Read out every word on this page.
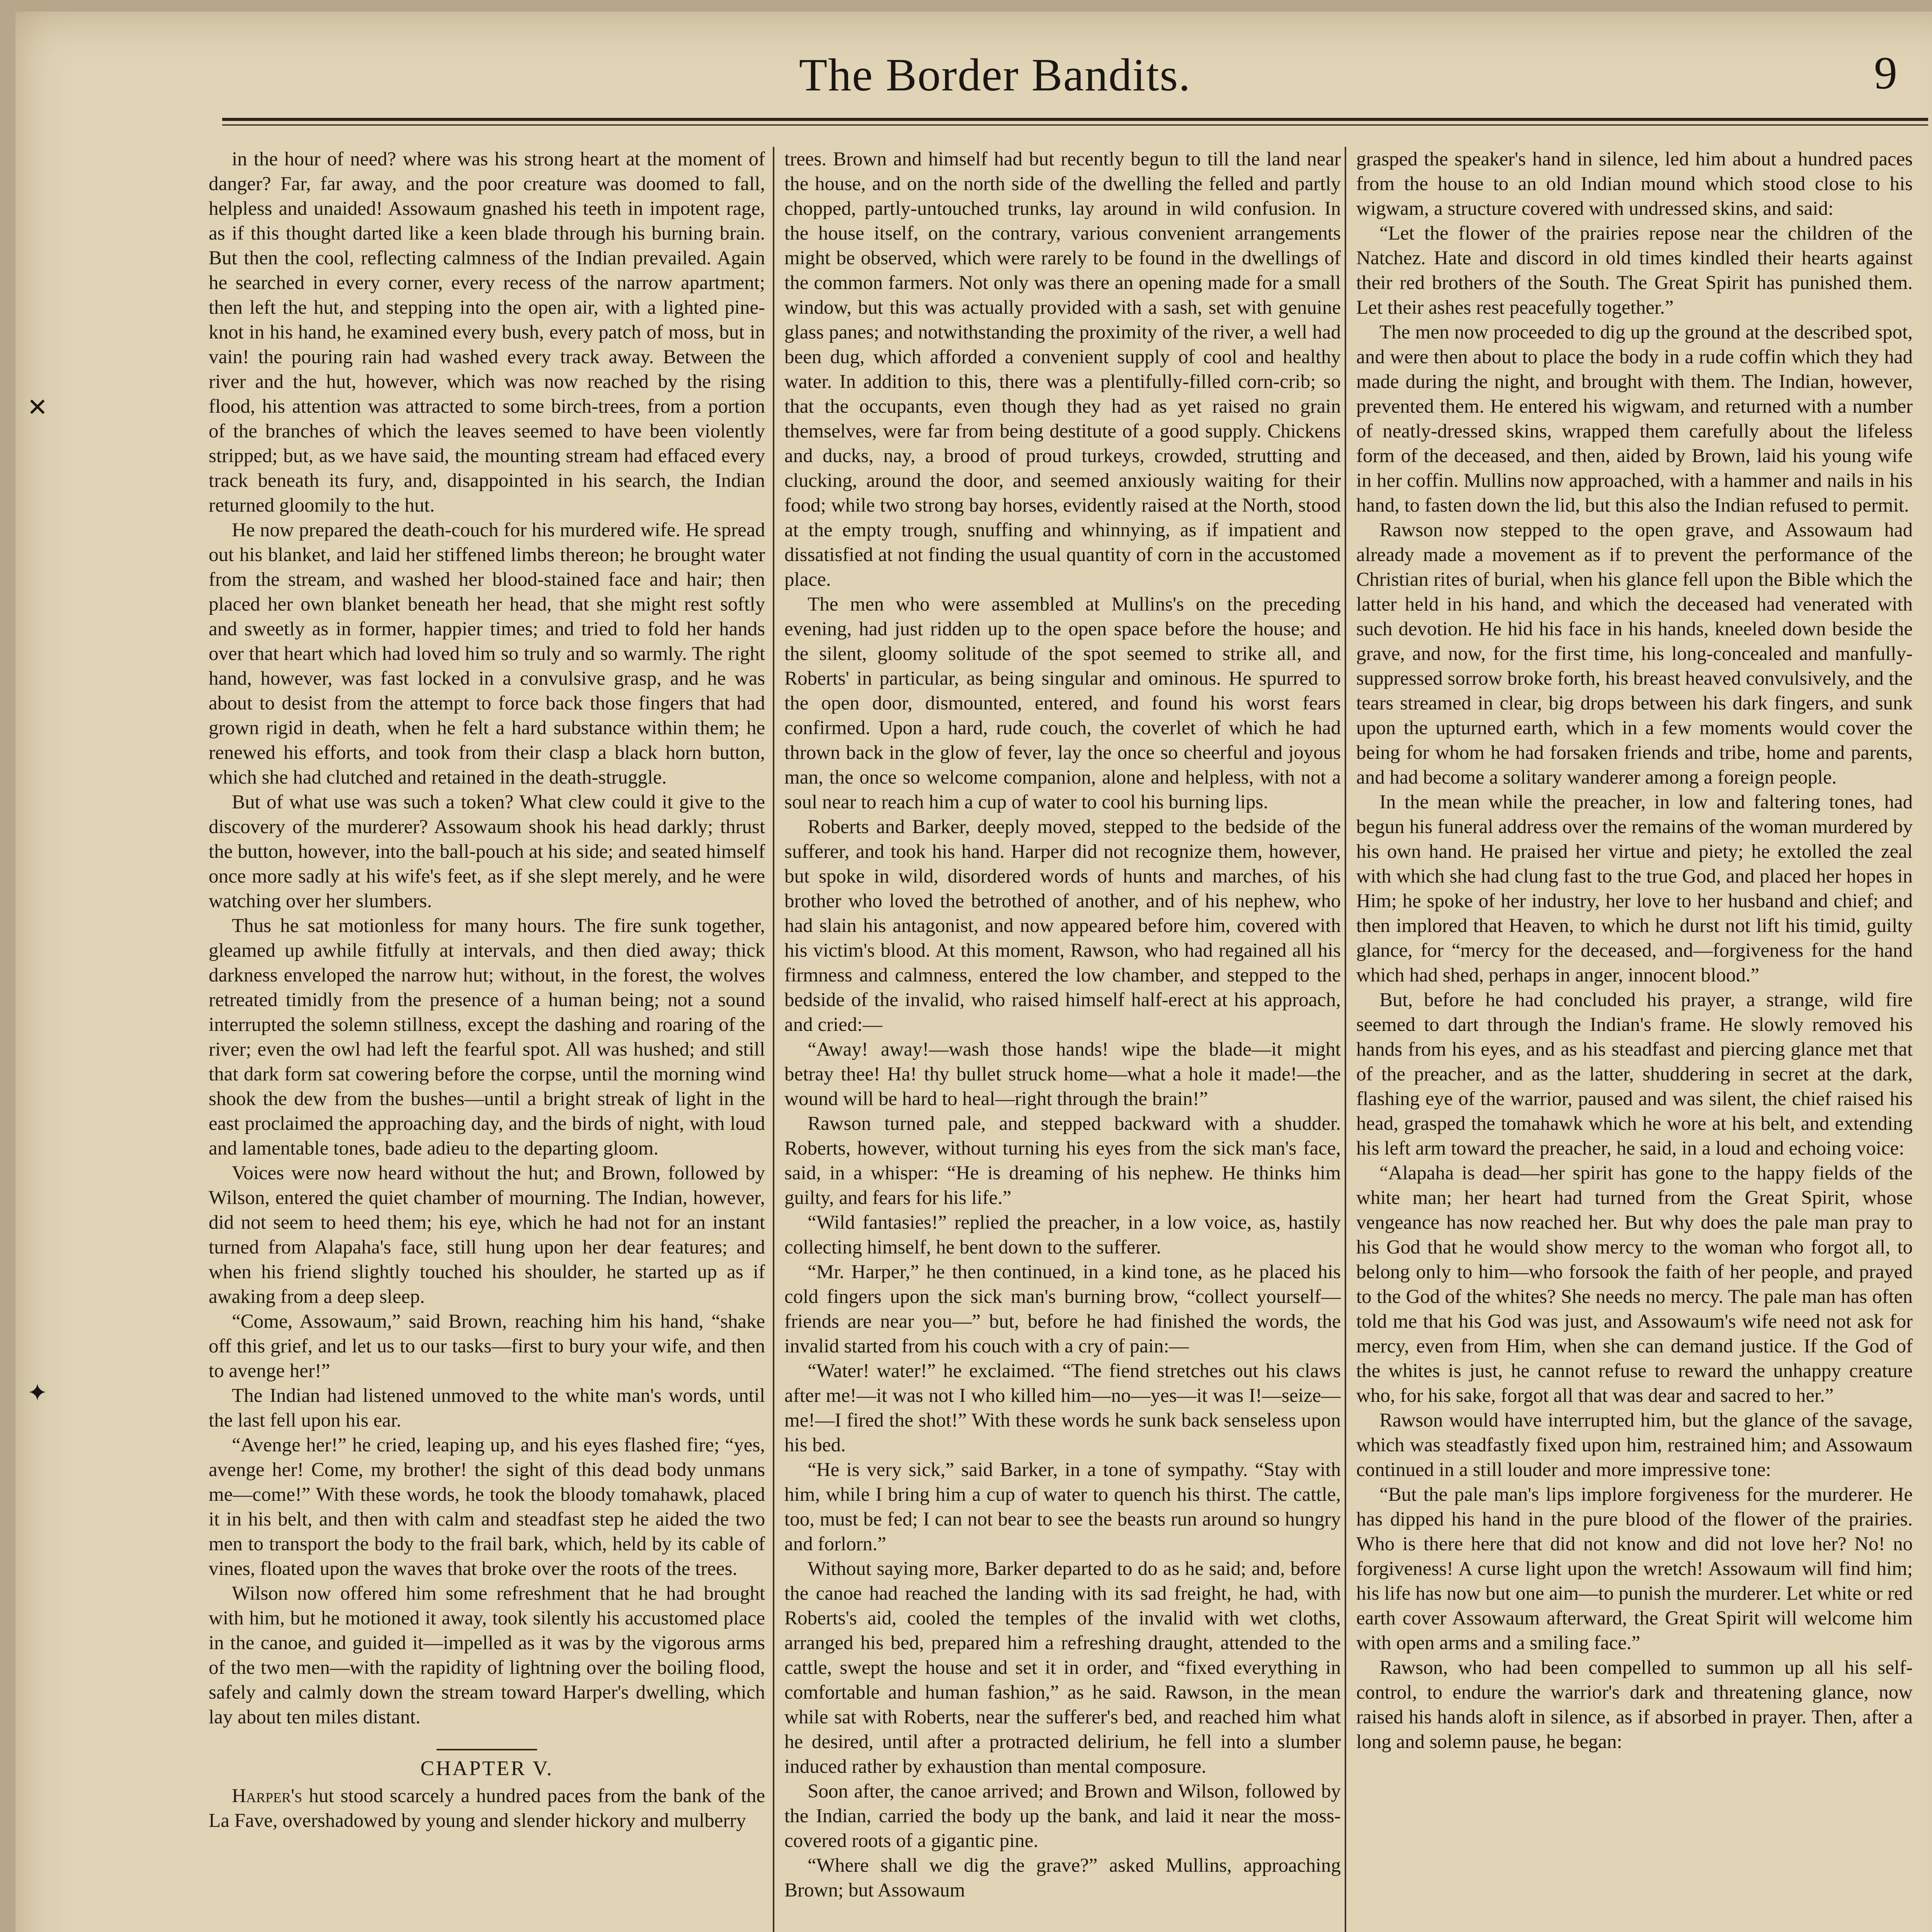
The Border Bandits.	9

in the hour of need? where was his strong heart at the moment of danger? Far, far away, and the poor creature was doomed to fall, helpless and unaided! Assowaum gnashed his teeth in impotent rage, as if this thought darted like a keen blade through his burning brain. But then the cool, reflecting calmness of the Indian prevailed. Again he searched in every corner, every recess of the narrow apartment; then left the hut, and stepping into the open air, with a lighted pine-knot in his hand, he examined every bush, every patch of moss, but in vain! the pouring rain had washed every track away. Between the river and the hut, however, which was now reached by the rising flood, his attention was attracted to some birch-trees, from a portion of the branches of which the leaves seemed to have been violently stripped; but, as we have said, the mounting stream had effaced every track beneath its fury, and, disappointed in his search, the Indian returned gloomily to the hut.

He now prepared the death-couch for his murdered wife. He spread out his blanket, and laid her stiffened limbs thereon; he brought water from the stream, and washed her blood-stained face and hair; then placed her own blanket beneath her head, that she might rest softly and sweetly as in former, happier times; and tried to fold her hands over that heart which had loved him so truly and so warmly. The right hand, however, was fast locked in a convulsive grasp, and he was about to desist from the attempt to force back those fingers that had grown rigid in death, when he felt a hard substance within them; he renewed his efforts, and took from their clasp a black horn button, which she had clutched and retained in the death-struggle.

But of what use was such a token? What clew could it give to the discovery of the murderer? Assowaum shook his head darkly; thrust the button, however, into the ball-pouch at his side; and seated himself once more sadly at his wife's feet, as if she slept merely, and he were watching over her slumbers.

Thus he sat motionless for many hours. The fire sunk together, gleamed up awhile fitfully at intervals, and then died away; thick darkness enveloped the narrow hut; without, in the forest, the wolves retreated timidly from the presence of a human being; not a sound interrupted the solemn stillness, except the dashing and roaring of the river; even the owl had left the fearful spot. All was hushed; and still that dark form sat cowering before the corpse, until the morning wind shook the dew from the bushes—until a bright streak of light in the east proclaimed the approaching day, and the birds of night, with loud and lamentable tones, bade adieu to the departing gloom.

Voices were now heard without the hut; and Brown, followed by Wilson, entered the quiet chamber of mourning. The Indian, however, did not seem to heed them; his eye, which he had not for an instant turned from Alapaha's face, still hung upon her dear features; and when his friend slightly touched his shoulder, he started up as if awaking from a deep sleep.

“Come, Assowaum,” said Brown, reaching him his hand, “shake off this grief, and let us to our tasks—first to bury your wife, and then to avenge her!”

The Indian had listened unmoved to the white man's words, until the last fell upon his ear.

“Avenge her!” he cried, leaping up, and his eyes flashed fire; “yes, avenge her! Come, my brother! the sight of this dead body unmans me—come!” With these words, he took the bloody tomahawk, placed it in his belt, and then with calm and steadfast step he aided the two men to transport the body to the frail bark, which, held by its cable of vines, floated upon the waves that broke over the roots of the trees.

Wilson now offered him some refreshment that he had brought with him, but he motioned it away, took silently his accustomed place in the canoe, and guided it—impelled as it was by the vigorous arms of the two men—with the rapidity of lightning over the boiling flood, safely and calmly down the stream toward Harper's dwelling, which lay about ten miles distant.

CHAPTER V.

Harper's hut stood scarcely a hundred paces from the bank of the La Fave, overshadowed by young and slender hickory and mulberry

trees. Brown and himself had but recently begun to till the land near the house, and on the north side of the dwelling the felled and partly chopped, partly-untouched trunks, lay around in wild confusion. In the house itself, on the contrary, various convenient arrangements might be observed, which were rarely to be found in the dwellings of the common farmers. Not only was there an opening made for a small window, but this was actually provided with a sash, set with genuine glass panes; and notwithstanding the proximity of the river, a well had been dug, which afforded a convenient supply of cool and healthy water. In addition to this, there was a plentifully-filled corn-crib; so that the occupants, even though they had as yet raised no grain themselves, were far from being destitute of a good supply. Chickens and ducks, nay, a brood of proud turkeys, crowded, strutting and clucking, around the door, and seemed anxiously waiting for their food; while two strong bay horses, evidently raised at the North, stood at the empty trough, snuffing and whinnying, as if impatient and dissatisfied at not finding the usual quantity of corn in the accustomed place.

The men who were assembled at Mullins's on the preceding evening, had just ridden up to the open space before the house; and the silent, gloomy solitude of the spot seemed to strike all, and Roberts' in particular, as being singular and ominous. He spurred to the open door, dismounted, entered, and found his worst fears confirmed. Upon a hard, rude couch, the coverlet of which he had thrown back in the glow of fever, lay the once so cheerful and joyous man, the once so welcome companion, alone and helpless, with not a soul near to reach him a cup of water to cool his burning lips.

Roberts and Barker, deeply moved, stepped to the bedside of the sufferer, and took his hand. Harper did not recognize them, however, but spoke in wild, disordered words of hunts and marches, of his brother who loved the betrothed of another, and of his nephew, who had slain his antagonist, and now appeared before him, covered with his victim's blood. At this moment, Rawson, who had regained all his firmness and calmness, entered the low chamber, and stepped to the bedside of the invalid, who raised himself half-erect at his approach, and cried:—

“Away! away!—wash those hands! wipe the blade—it might betray thee! Ha! thy bullet struck home—what a hole it made!—the wound will be hard to heal—right through the brain!”

Rawson turned pale, and stepped backward with a shudder. Roberts, however, without turning his eyes from the sick man's face, said, in a whisper: “He is dreaming of his nephew. He thinks him guilty, and fears for his life.”

“Wild fantasies!” replied the preacher, in a low voice, as, hastily collecting himself, he bent down to the sufferer.

“Mr. Harper,” he then continued, in a kind tone, as he placed his cold fingers upon the sick man's burning brow, “collect yourself—friends are near you—” but, before he had finished the words, the invalid started from his couch with a cry of pain:—

“Water! water!” he exclaimed. “The fiend stretches out his claws after me!—it was not I who killed him—no—yes—it was I!—seize—me!—I fired the shot!” With these words he sunk back senseless upon his bed.

“He is very sick,” said Barker, in a tone of sympathy. “Stay with him, while I bring him a cup of water to quench his thirst. The cattle, too, must be fed; I can not bear to see the beasts run around so hungry and forlorn.”

Without saying more, Barker departed to do as he said; and, before the canoe had reached the landing with its sad freight, he had, with Roberts's aid, cooled the temples of the invalid with wet cloths, arranged his bed, prepared him a refreshing draught, attended to the cattle, swept the house and set it in order, and “fixed everything in comfortable and human fashion,” as he said. Rawson, in the mean while sat with Roberts, near the sufferer's bed, and reached him what he desired, until after a protracted delirium, he fell into a slumber induced rather by exhaustion than mental composure.

Soon after, the canoe arrived; and Brown and Wilson, followed by the Indian, carried the body up the bank, and laid it near the moss-covered roots of a gigantic pine.

“Where shall we dig the grave?” asked Mullins, approaching Brown; but Assowaum

grasped the speaker's hand in silence, led him about a hundred paces from the house to an old Indian mound which stood close to his wigwam, a structure covered with undressed skins, and said:

“Let the flower of the prairies repose near the children of the Natchez. Hate and discord in old times kindled their hearts against their red brothers of the South. The Great Spirit has punished them. Let their ashes rest peacefully together.”

The men now proceeded to dig up the ground at the described spot, and were then about to place the body in a rude coffin which they had made during the night, and brought with them. The Indian, however, prevented them. He entered his wigwam, and returned with a number of neatly-dressed skins, wrapped them carefully about the lifeless form of the deceased, and then, aided by Brown, laid his young wife in her coffin. Mullins now approached, with a hammer and nails in his hand, to fasten down the lid, but this also the Indian refused to permit.

Rawson now stepped to the open grave, and Assowaum had already made a movement as if to prevent the performance of the Christian rites of burial, when his glance fell upon the Bible which the latter held in his hand, and which the deceased had venerated with such devotion. He hid his face in his hands, kneeled down beside the grave, and now, for the first time, his long-concealed and manfully-suppressed sorrow broke forth, his breast heaved convulsively, and the tears streamed in clear, big drops between his dark fingers, and sunk upon the upturned earth, which in a few moments would cover the being for whom he had forsaken friends and tribe, home and parents, and had become a solitary wanderer among a foreign people.

In the mean while the preacher, in low and faltering tones, had begun his funeral address over the remains of the woman murdered by his own hand. He praised her virtue and piety; he extolled the zeal with which she had clung fast to the true God, and placed her hopes in Him; he spoke of her industry, her love to her husband and chief; and then implored that Heaven, to which he durst not lift his timid, guilty glance, for “mercy for the deceased, and—forgiveness for the hand which had shed, perhaps in anger, innocent blood.”

But, before he had concluded his prayer, a strange, wild fire seemed to dart through the Indian's frame. He slowly removed his hands from his eyes, and as his steadfast and piercing glance met that of the preacher, and as the latter, shuddering in secret at the dark, flashing eye of the warrior, paused and was silent, the chief raised his head, grasped the tomahawk which he wore at his belt, and extending his left arm toward the preacher, he said, in a loud and echoing voice:

“Alapaha is dead—her spirit has gone to the happy fields of the white man; her heart had turned from the Great Spirit, whose vengeance has now reached her. But why does the pale man pray to his God that he would show mercy to the woman who forgot all, to belong only to him—who forsook the faith of her people, and prayed to the God of the whites? She needs no mercy. The pale man has often told me that his God was just, and Assowaum's wife need not ask for mercy, even from Him, when she can demand justice. If the God of the whites is just, he cannot refuse to reward the unhappy creature who, for his sake, forgot all that was dear and sacred to her.”

Rawson would have interrupted him, but the glance of the savage, which was steadfastly fixed upon him, restrained him; and Assowaum continued in a still louder and more impressive tone:

“But the pale man's lips implore forgiveness for the murderer. He has dipped his hand in the pure blood of the flower of the prairies. Who is there here that did not know and did not love her? No! no forgiveness! A curse light upon the wretch! Assowaum will find him; his life has now but one aim—to punish the murderer. Let white or red earth cover Assowaum afterward, the Great Spirit will welcome him with open arms and a smiling face.”

Rawson, who had been compelled to summon up all his self-control, to endure the warrior's dark and threatening glance, now raised his hands aloft in silence, as if absorbed in prayer. Then, after a long and solemn pause, he began:

✕
✦
